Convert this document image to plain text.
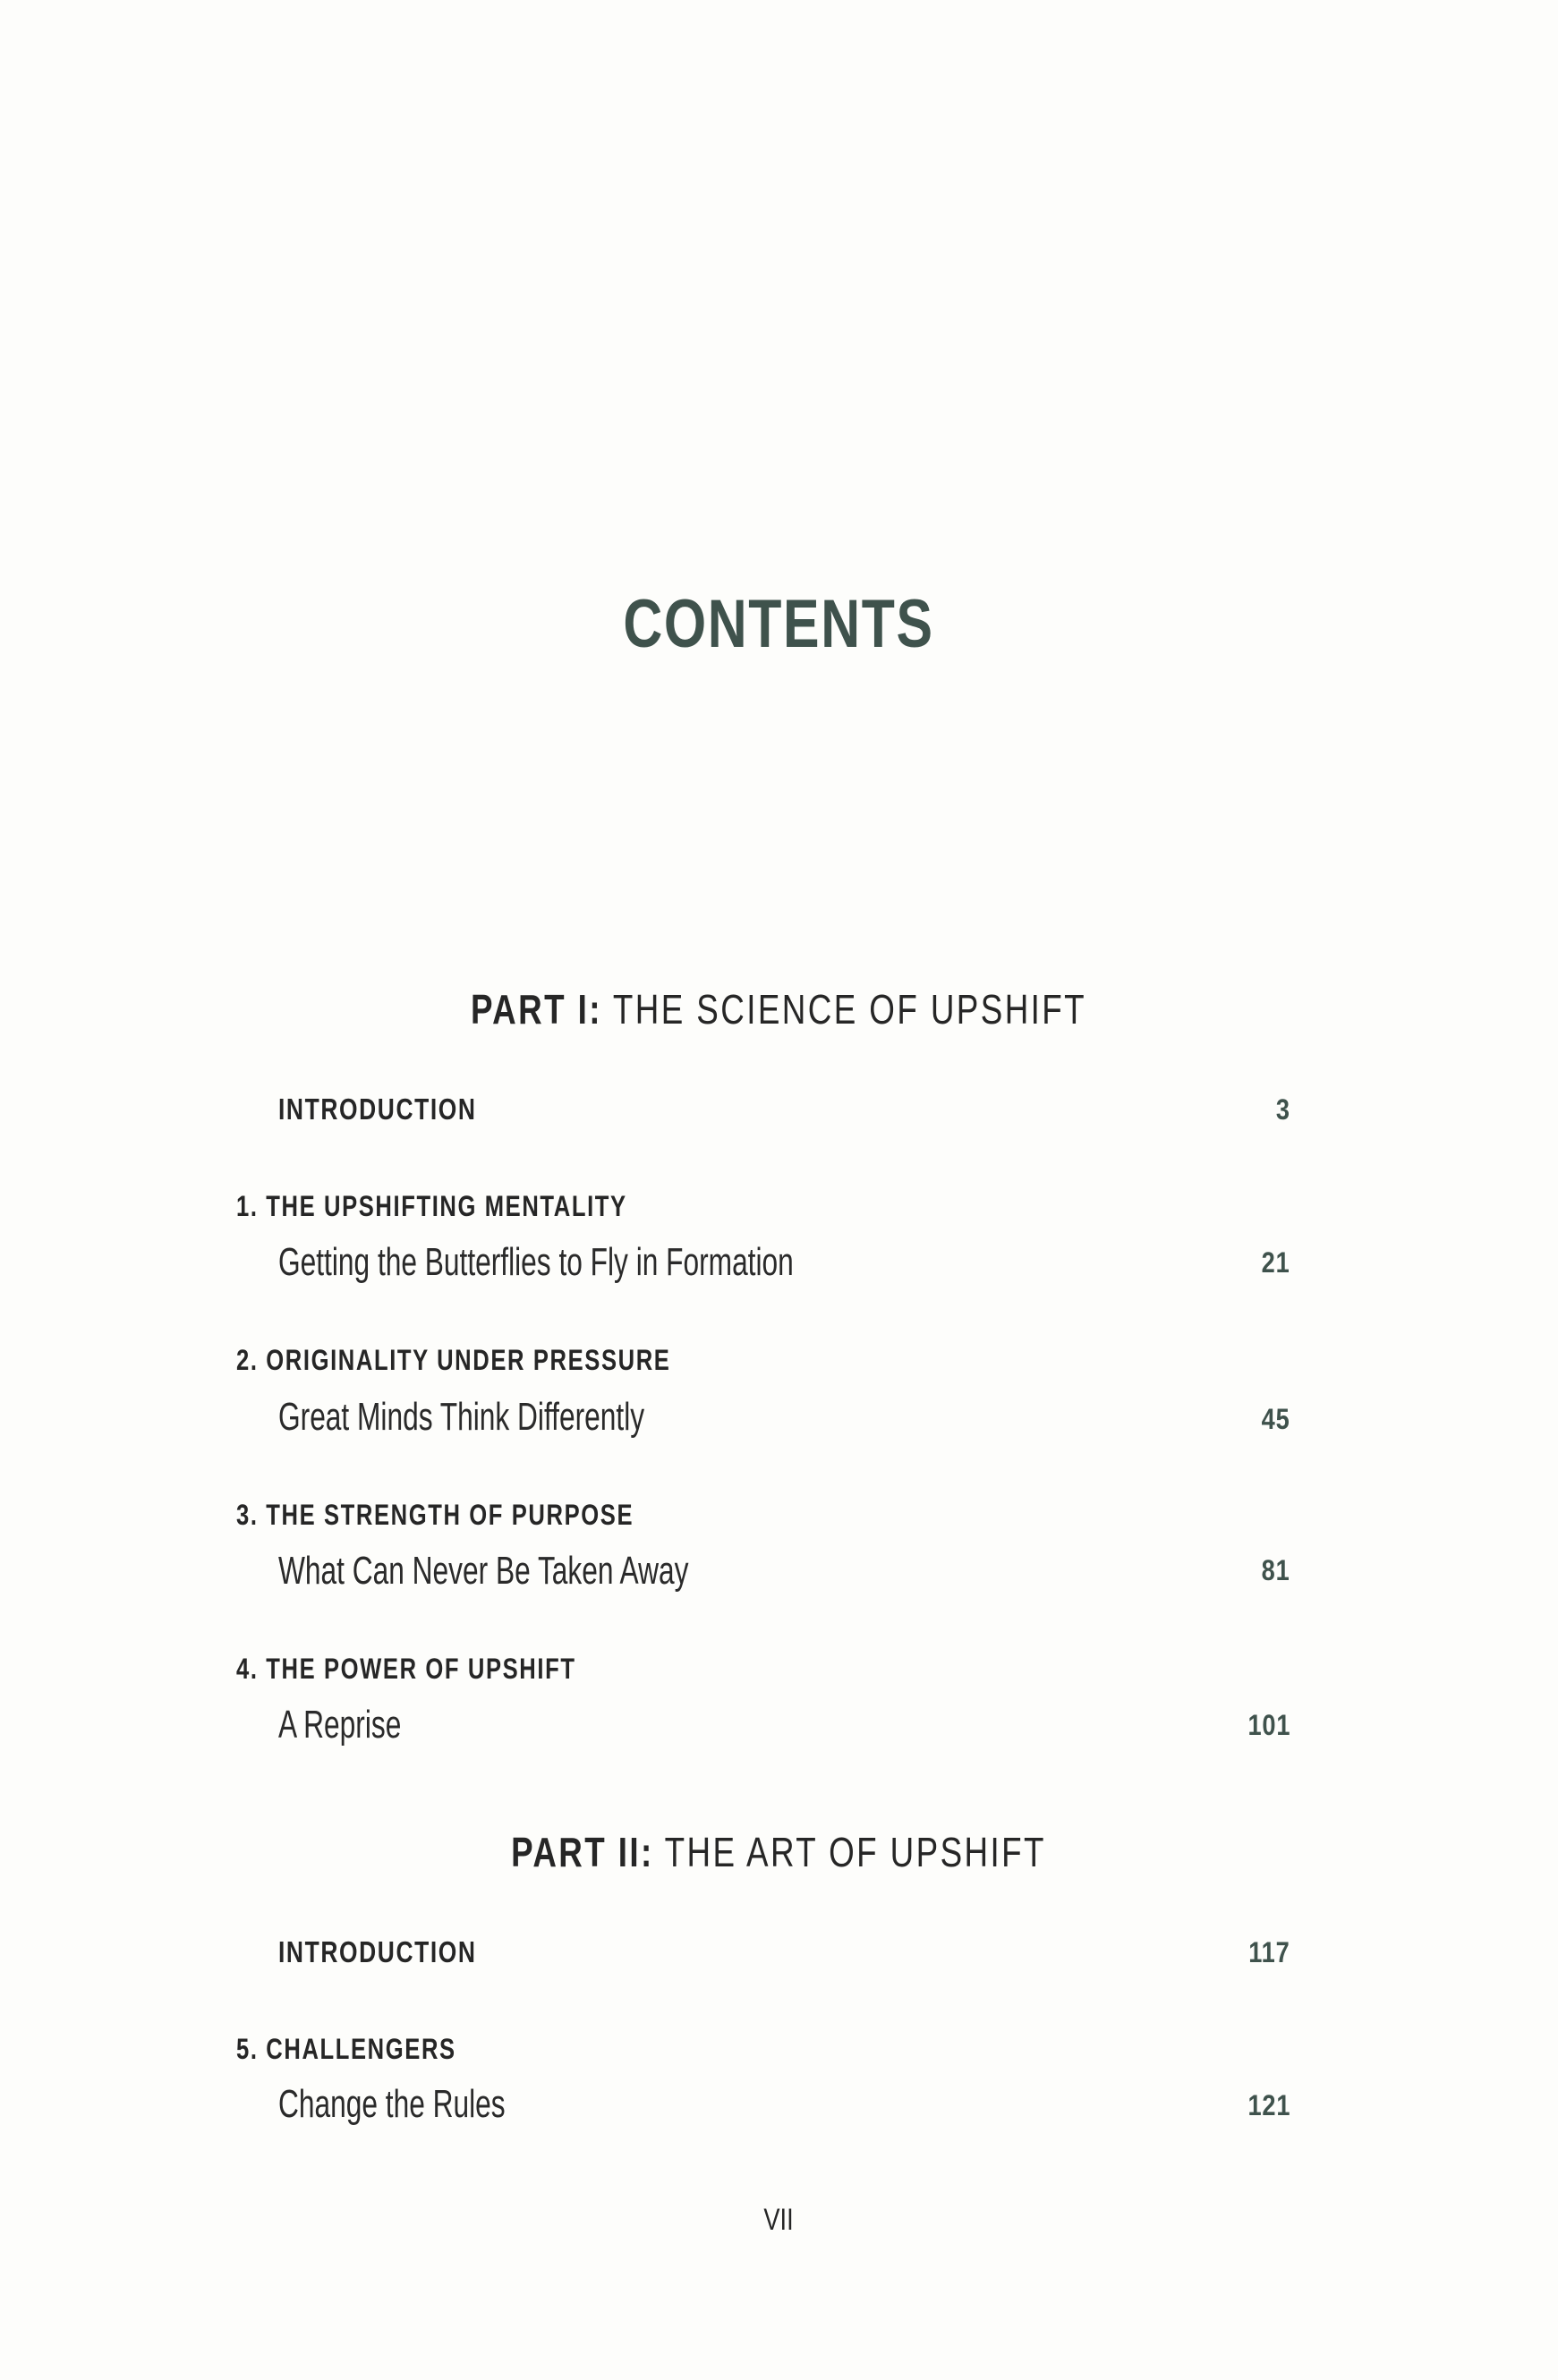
CONTENTS
PART I: THE SCIENCE OF UPSHIFT
INTRODUCTION	3
1. THE UPSHIFTING MENTALITY
Getting the Butterflies to Fly in Formation	21
2. ORIGINALITY UNDER PRESSURE
Great Minds Think Differently	45
3. THE STRENGTH OF PURPOSE
What Can Never Be Taken Away	81
4. THE POWER OF UPSHIFT
A Reprise	101
PART II: THE ART OF UPSHIFT
INTRODUCTION	117
5. CHALLENGERS
Change the Rules	121
VII
